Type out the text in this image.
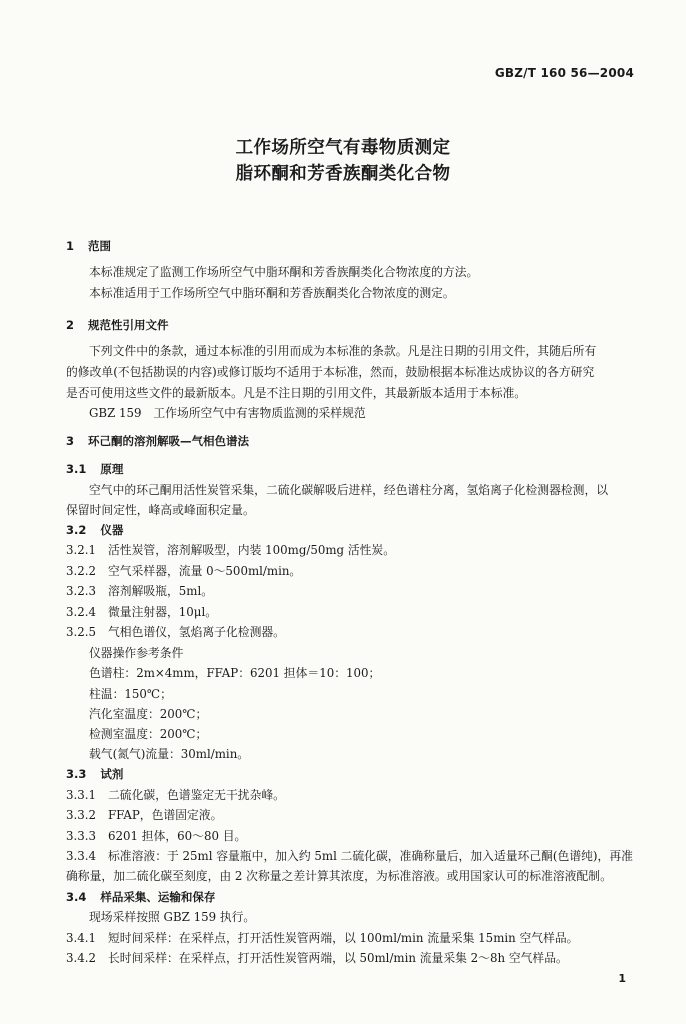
GBZ/T 160 56—2004
工作场所空气有毒物质测定
脂环酮和芳香族酮类化合物
1 范围
本标准规定了监测工作场所空气中脂环酮和芳香族酮类化合物浓度的方法。
本标准适用于工作场所空气中脂环酮和芳香族酮类化合物浓度的测定。
2 规范性引用文件
下列文件中的条款，通过本标准的引用而成为本标准的条款。凡是注日期的引用文件，其随后所有
的修改单(不包括勘误的内容)或修订版均不适用于本标准，然而，鼓励根据本标准达成协议的各方研究
是否可使用这些文件的最新版本。凡是不注日期的引用文件，其最新版本适用于本标准。
GBZ 159　工作场所空气中有害物质监测的采样规范
3 环己酮的溶剂解吸—气相色谱法
3.1 原理
空气中的环己酮用活性炭管采集，二硫化碳解吸后进样，经色谱柱分离，氢焰离子化检测器检测，以
保留时间定性，峰高或峰面积定量。
3.2 仪器
3.2.1 活性炭管，溶剂解吸型，内装 100mg/50mg 活性炭。
3.2.2 空气采样器，流量 0～500ml/min。
3.2.3 溶剂解吸瓶，5ml。
3.2.4 微量注射器，10μl。
3.2.5 气相色谱仪，氢焰离子化检测器。
仪器操作参考条件
色谱柱：2m×4mm，FFAP：6201 担体＝10：100；
柱温：150℃；
汽化室温度：200℃；
检测室温度：200℃；
载气(氮气)流量：30ml/min。
3.3 试剂
3.3.1 二硫化碳，色谱鉴定无干扰杂峰。
3.3.2 FFAP，色谱固定液。
3.3.3 6201 担体，60～80 目。
3.3.4 标准溶液：于 25ml 容量瓶中，加入约 5ml 二硫化碳，准确称量后，加入适量环己酮(色谱纯)，再准
确称量，加二硫化碳至刻度，由 2 次称量之差计算其浓度，为标准溶液。或用国家认可的标准溶液配制。
3.4 样品采集、运输和保存
现场采样按照 GBZ 159 执行。
3.4.1 短时间采样：在采样点，打开活性炭管两端，以 100ml/min 流量采集 15min 空气样品。
3.4.2 长时间采样：在采样点，打开活性炭管两端，以 50ml/min 流量采集 2～8h 空气样品。
1
